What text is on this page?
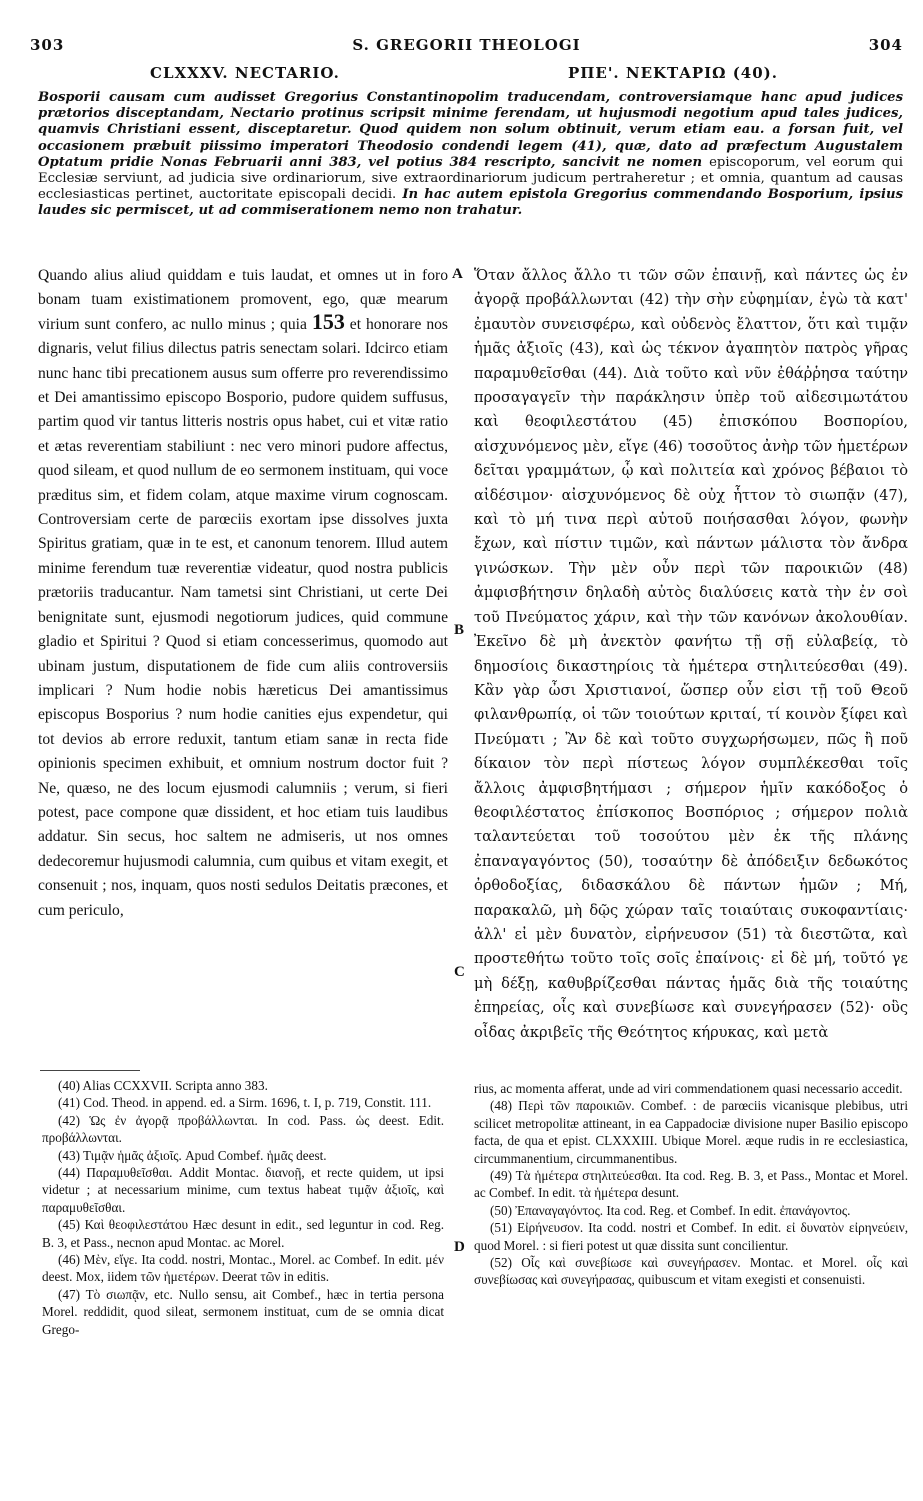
303	S. GREGORII THEOLOGI	304
CLXXXV. NECTARIO.	ΡΠΕ'. ΝΕΚΤΑΡΙΩ (40).

Bosporii causam cum audisset Gregorius Constantinopolim traducendam, controversiamque hanc apud judices prætorios disceptandam, Nectario protinus scripsit minime ferendam, ut hujusmodi negotium apud tales judices, quamvis Christiani essent, disceptaretur. Quod quidem non solum obtinuit, verum etiam eau. a forsan fuit, vel occasionem præbuit piissimo imperatori Theodosio condendi legem (41), quæ, dato ad præfectum Augustalem Optatum pridie Nonas Februarii anni 383, vel potius 384 rescripto, sancivit ne nomen episcoporum, vel eorum qui Ecclesiæ serviunt, ad judicia sive ordinariorum, sive extraordinariorum judicum pertraheretur ; et omnia, quantum ad causas ecclesiasticas pertinet, auctoritate episcopali decidi. In hac autem epistola Gregorius commendando Bosporium, ipsius laudes sic permiscet, ut ad commiserationem nemo non trahatur.

Quando alius aliud quiddam e tuis laudat, et omnes ut in foro bonam tuam existimationem promovent, ego, quæ mearum virium sunt confero, ac nullo minus ; quia 153 et honorare nos dignaris, velut filius dilectus patris senectam solari. Idcirco etiam nunc hanc tibi precationem ausus sum offerre pro reverendissimo et Dei amantissimo episcopo Bosporio, pudore quidem suffusus, partim quod vir tantus litteris nostris opus habet, cui et vitæ ratio et ætas reverentiam stabiliunt : nec vero minori pudore affectus, quod sileam, et quod nullum de eo sermonem instituam, qui voce præditus sim, et fidem colam, atque maxime virum cognoscam. Controversiam certe de parœciis exortam ipse dissolves juxta Spiritus gratiam, quæ in te est, et canonum tenorem. Illud autem minime ferendum tuæ reverentiæ videatur, quod nostra publicis prætoriis traducantur. Nam tametsi sint Christiani, ut certe Dei benignitate sunt, ejusmodi negotiorum judices, quid commune gladio et Spiritui ? Quod si etiam concesserimus, quomodo aut ubinam justum, disputationem de fide cum aliis controversiis implicari ? Num hodie nobis hæreticus Dei amantissimus episcopus Bosporius ? num hodie canities ejus expendetur, qui tot devios ab errore reduxit, tantum etiam sanæ in recta fide opinionis specimen exhibuit, et omnium nostrum doctor fuit ? Ne, quæso, ne des locum ejusmodi calumniis ; verum, si fieri potest, pace compone quæ dissident, et hoc etiam tuis laudibus addatur. Sin secus, hoc saltem ne admiseris, ut nos omnes dedecoremur hujusmodi calumnia, cum quibus et vitam exegit, et consenuit ; nos, inquam, quos nosti sedulos Deitatis præcones, et cum periculo,

A
B
C
D

Ὅταν ἄλλος ἄλλο τι τῶν σῶν ἐπαινῇ, καὶ πάντες ὡς ἐν ἀγορᾷ προβάλλωνται (42) τὴν σὴν εὐφημίαν, ἐγὼ τὰ κατ' ἐμαυτὸν συνεισφέρω, καὶ οὐδενὸς ἔλαττον, ὅτι καὶ τιμᾷν ἡμᾶς ἀξιοῖς (43), καὶ ὡς τέκνον ἀγαπητὸν πατρὸς γῆρας παραμυθεῖσθαι (44). Διὰ τοῦτο καὶ νῦν ἐθάῤῥησα ταύτην προσαγαγεῖν τὴν παράκλησιν ὑπὲρ τοῦ αἰδεσιμωτάτου καὶ θεοφιλεστάτου (45) ἐπισκόπου Βοσπορίου, αἰσχυνόμενος μὲν, εἴγε (46) τοσοῦτος ἀνὴρ τῶν ἡμετέρων δεῖται γραμμάτων, ᾧ καὶ πολιτεία καὶ χρόνος βέβαιοι τὸ αἰδέσιμον· αἰσχυνόμενος δὲ οὐχ ἧττον τὸ σιωπᾷν (47), καὶ τὸ μή τινα περὶ αὐτοῦ ποιήσασθαι λόγον, φωνὴν ἔχων, καὶ πίστιν τιμῶν, καὶ πάντων μάλιστα τὸν ἄνδρα γινώσκων. Τὴν μὲν οὖν περὶ τῶν παροικιῶν (48) ἀμφισβήτησιν δηλαδὴ αὐτὸς διαλύσεις κατὰ τὴν ἐν σοὶ τοῦ Πνεύματος χάριν, καὶ τὴν τῶν κανόνων ἀκολουθίαν. Ἐκεῖνο δὲ μὴ ἀνεκτὸν φανήτω τῇ σῇ εὐλαβείᾳ, τὸ δημοσίοις δικαστηρίοις τὰ ἡμέτερα στηλιτεύεσθαι (49). Κἂν γὰρ ὦσι Χριστιανοί, ὥσπερ οὖν εἰσι τῇ τοῦ Θεοῦ φιλανθρωπίᾳ, οἱ τῶν τοιούτων κριταί, τί κοινὸν ξίφει καὶ Πνεύματι ; Ἂν δὲ καὶ τοῦτο συγχωρήσωμεν, πῶς ἢ ποῦ δίκαιον τὸν περὶ πίστεως λόγον συμπλέκεσθαι τοῖς ἄλλοις ἀμφισβητήμασι ; σήμερον ἡμῖν κακόδοξος ὁ θεοφιλέστατος ἐπίσκοπος Βοσπόριος ; σήμερον πολιὰ ταλαντεύεται τοῦ τοσούτου μὲν ἐκ τῆς πλάνης ἐπαναγαγόντος (50), τοσαύτην δὲ ἀπόδειξιν δεδωκότος ὀρθοδοξίας, διδασκάλου δὲ πάντων ἡμῶν ; Μή, παρακαλῶ, μὴ δῷς χώραν ταῖς τοιαύταις συκοφαντίαις· ἀλλ' εἰ μὲν δυνατὸν, εἰρήνευσον (51) τὰ διεστῶτα, καὶ προστεθήτω τοῦτο τοῖς σοῖς ἐπαίνοις· εἰ δὲ μή, τοῦτό γε μὴ δέξῃ, καθυβρίζεσθαι πάντας ἡμᾶς διὰ τῆς τοιαύτης ἐπηρείας, οἷς καὶ συνεβίωσε καὶ συνεγήρασεν (52)· οὓς οἶδας ἀκριβεῖς τῆς Θεότητος κήρυκας, καὶ μετὰ

(40) Alias CCXXVII. Scripta anno 383.

(41) Cod. Theod. in append. ed. a Sirm. 1696, t. I, p. 719, Constit. 111.

(42) Ὡς ἐν ἀγορᾷ προβάλλωνται. In cod. Pass. ὡς deest. Edit. προβάλλωνται.

(43) Τιμᾷν ἡμᾶς ἀξιοῖς. Apud Combef. ἡμᾶς deest.

(44) Παραμυθεῖσθαι. Addit Montac. διανοῇ, et recte quidem, ut ipsi videtur ; at necessarium minime, cum textus habeat τιμᾷν ἀξιοῖς, καὶ παραμυθεῖσθαι.

(45) Καὶ θεοφιλεστάτου Hæc desunt in edit., sed leguntur in cod. Reg. B. 3, et Pass., necnon apud Montac. ac Morel.

(46) Μὲν, εἴγε. Ita codd. nostri, Montac., Morel. ac Combef. In edit. μέν deest. Mox, iidem τῶν ἡμετέρων. Deerat τῶν in editis.

(47) Τὸ σιωπᾷν, etc. Nullo sensu, ait Combef., hæc in tertia persona Morel. reddidit, quod sileat, sermonem instituat, cum de se omnia dicat Grego-

rius, ac momenta afferat, unde ad viri commendationem quasi necessario accedit.

(48) Περὶ τῶν παροικιῶν. Combef. : de parœciis vicanisque plebibus, utri scilicet metropolitæ attineant, in ea Cappadociæ divisione nuper Basilio episcopo facta, de qua et epist. CLXXXIII. Ubique Morel. æque rudis in re ecclesiastica, circummanentium, circummanentibus.

(49) Τὰ ἡμέτερα στηλιτεύεσθαι. Ita cod. Reg. B. 3, et Pass., Montac et Morel. ac Combef. In edit. τὰ ἡμέτερα desunt.

(50) Ἐπαναγαγόντος. Ita cod. Reg. et Combef. In edit. ἐπανάγοντος.

(51) Εἰρήνευσον. Ita codd. nostri et Combef. In edit. εἰ δυνατὸν εἰρηνεύειν, quod Morel. : si fieri potest ut quæ dissita sunt concilientur.

(52) Οἷς καὶ συνεβίωσε καὶ συνεγήρασεν. Montac. et Morel. οἷς καὶ συνεβίωσας καὶ συνεγήρασας, quibuscum et vitam exegisti et consenuisti.
